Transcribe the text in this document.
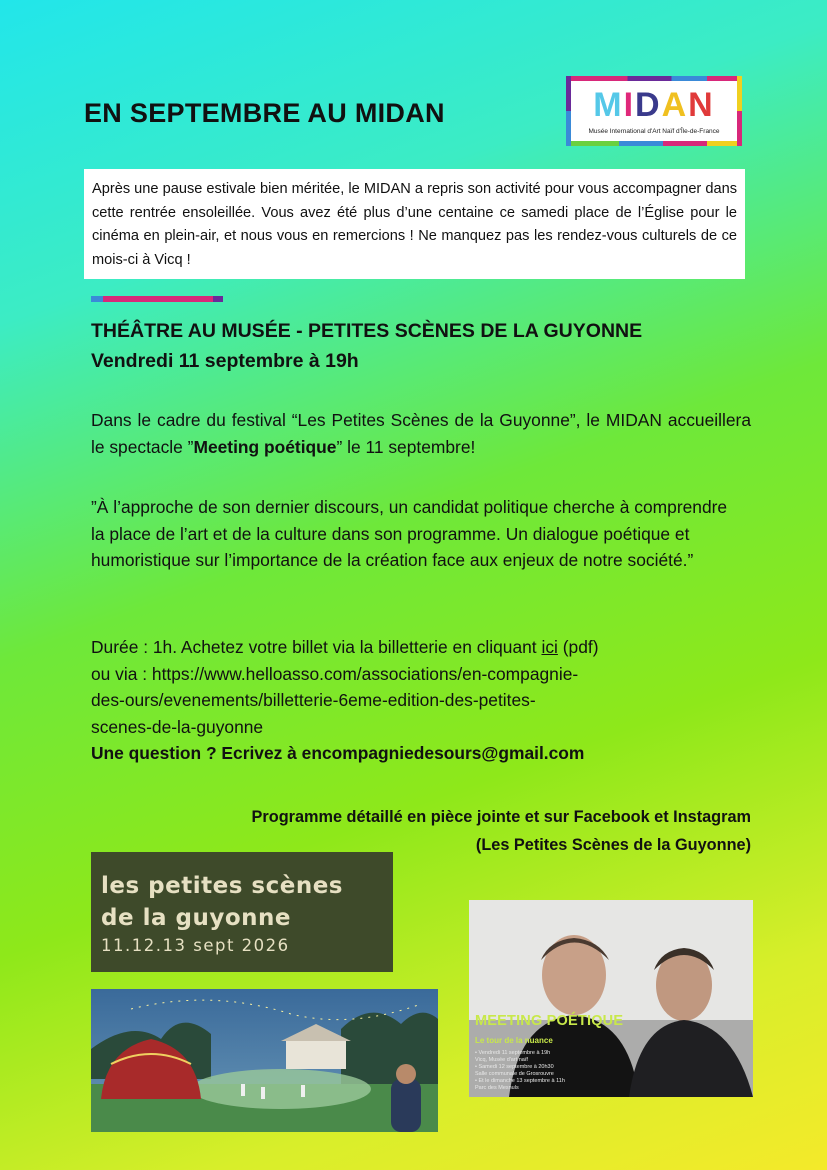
EN SEPTEMBRE AU MIDAN	MIDAN
Musée International d'Art Naïf d'Île-de-France
Après une pause estivale bien méritée, le MIDAN a repris son activité pour vous accompagner dans cette rentrée ensoleillée. Vous avez été plus d’une centaine ce samedi place de l’Église pour le cinéma en plein-air, et nous vous en remercions ! Ne manquez pas les rendez-vous culturels de ce mois-ci à Vicq !
THÉÂTRE AU MUSÉE - PETITES SCÈNES DE LA GUYONNE
Vendredi 11 septembre à 19h
Dans le cadre du festival “Les Petites Scènes de la Guyonne”, le MIDAN accueillera le spectacle ”Meeting poétique” le 11 septembre!
”À l’approche de son dernier discours, un candidat politique cherche à comprendre la place de l’art et de la culture dans son programme. Un dialogue poétique et humoristique sur l’importance de la création face aux enjeux de notre société.”
Durée : 1h. Achetez votre billet via la billetterie en cliquant ici (pdf)
ou via : https://www.helloasso.com/associations/en-compagnie-
des-ours/evenements/billetterie-6eme-edition-des-petites-
scenes-de-la-guyonne
Une question ? Ecrivez à encompagniedesours@gmail.com
Programme détaillé en pièce jointe et sur Facebook et Instagram
(Les Petites Scènes de la Guyonne)
les petites scènes
de la guyonne
11.12.13 sept 2026
MEETING POÉTIQUE
Le tour de la nuance
• Vendredi 11 septembre à 19h
Vicq, Musée d'art naïf
• Samedi 12 septembre à 20h30
Salle communale de Grosrouvre
• Et le dimanche 13 septembre à 11h
Parc des Mesnuls
